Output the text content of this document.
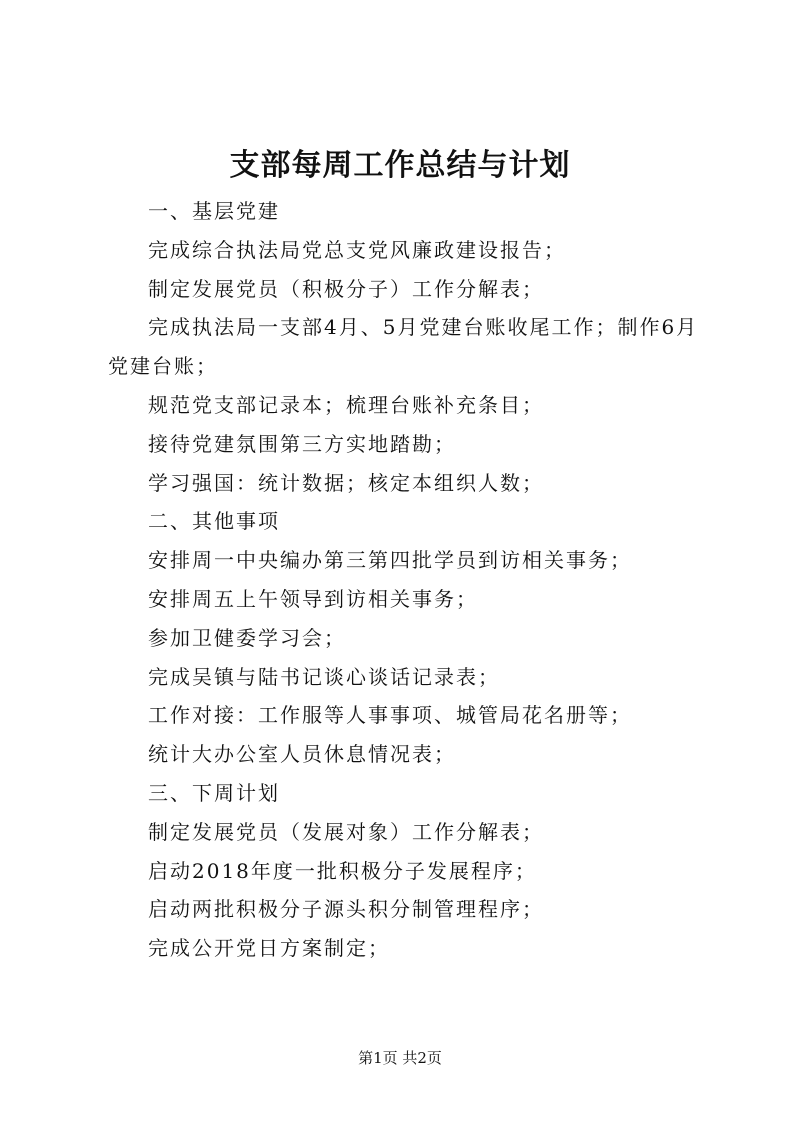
支部每周工作总结与计划

一、基层党建

完成综合执法局党总支党风廉政建设报告；

制定发展党员（积极分子）工作分解表；

完成执法局一支部4月、5月党建台账收尾工作；制作6月党建台账；

规范党支部记录本；梳理台账补充条目；

接待党建氛围第三方实地踏勘；

学习强国：统计数据；核定本组织人数；

二、其他事项

安排周一中央编办第三第四批学员到访相关事务；

安排周五上午领导到访相关事务；

参加卫健委学习会；

完成吴镇与陆书记谈心谈话记录表；

工作对接：工作服等人事事项、城管局花名册等；

统计大办公室人员休息情况表；

三、下周计划

制定发展党员（发展对象）工作分解表；

启动2018年度一批积极分子发展程序；

启动两批积极分子源头积分制管理程序；

完成公开党日方案制定；

第1页 共2页
